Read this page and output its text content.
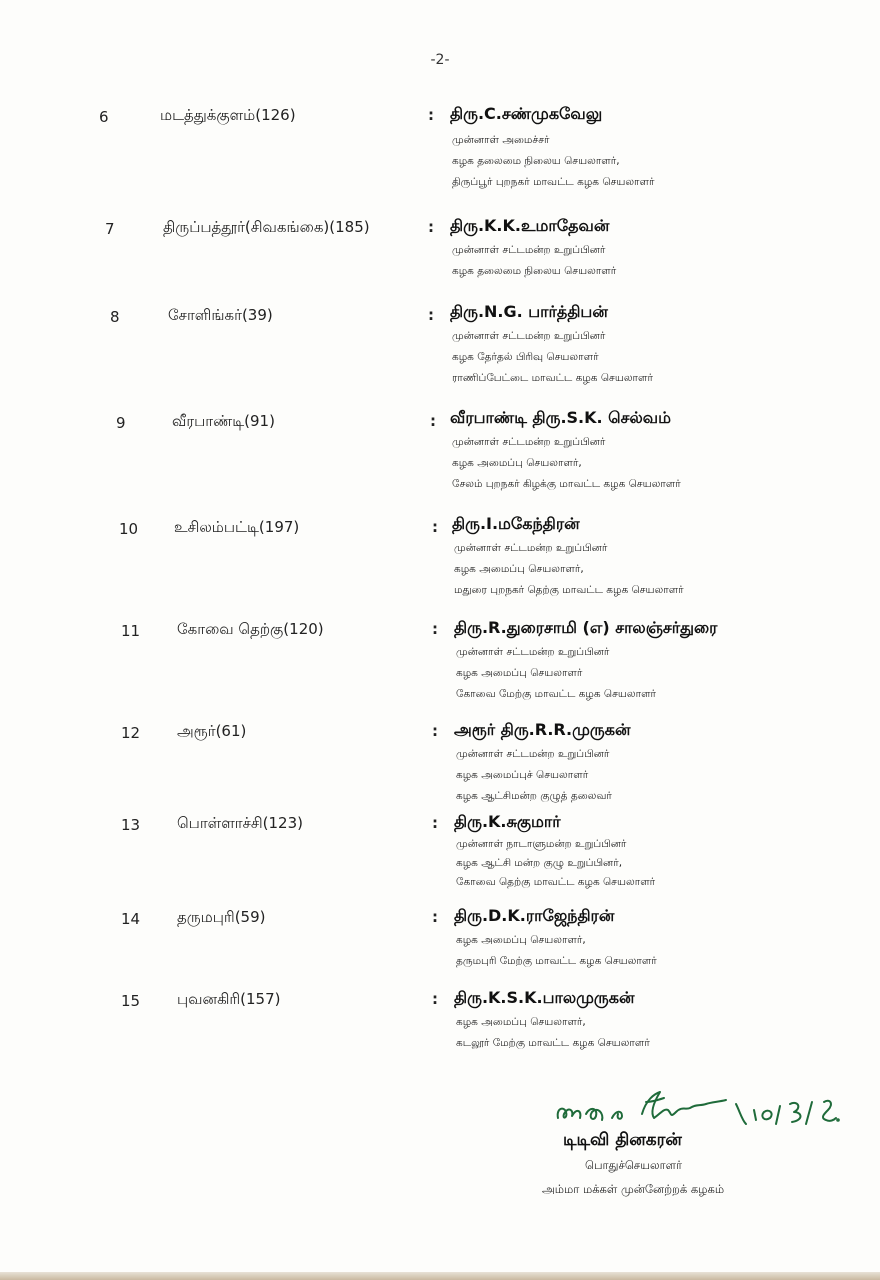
-2-
6	மடத்துக்குளம்(126)	: திரு.C.சண்முகவேலு
முன்னாள் அமைச்சர்
கழக தலைமை நிலைய செயலாளர்,
திருப்பூர் புறநகர் மாவட்ட கழக செயலாளர்
7	திருப்பத்தூர்(சிவகங்கை)(185)	: திரு.K.K.உமாதேவன்
முன்னாள் சட்டமன்ற உறுப்பினர்
கழக தலைமை நிலைய செயலாளர்
8	சோளிங்கர்(39)	: திரு.N.G. பார்த்திபன்
முன்னாள் சட்டமன்ற உறுப்பினர்
கழக தேர்தல் பிரிவு செயலாளர்
ராணிப்பேட்டை மாவட்ட கழக செயலாளர்
9	வீரபாண்டி(91)	: வீரபாண்டி திரு.S.K. செல்வம்
முன்னாள் சட்டமன்ற உறுப்பினர்
கழக அமைப்பு செயலாளர்,
சேலம் புறநகர் கிழக்கு மாவட்ட கழக செயலாளர்
10 உசிலம்பட்டி(197)	: திரு.I.மகேந்திரன்
முன்னாள் சட்டமன்ற உறுப்பினர்
கழக அமைப்பு செயலாளர்,
மதுரை புறநகர் தெற்கு மாவட்ட கழக செயலாளர்
11 கோவை தெற்கு(120)	: திரு.R.துரைசாமி (எ) சாலஞ்சர்துரை
முன்னாள் சட்டமன்ற உறுப்பினர்
கழக அமைப்பு செயலாளர்
கோவை மேற்கு மாவட்ட கழக செயலாளர்
12 அரூர்(61)	: அரூர் திரு.R.R.முருகன்
முன்னாள் சட்டமன்ற உறுப்பினர்
கழக அமைப்புச் செயலாளர்
கழக ஆட்சிமன்ற குழுத் தலைவர்
13 பொள்ளாச்சி(123)	: திரு.K.சுகுமார்
முன்னாள் நாடாளுமன்ற உறுப்பினர்
கழக ஆட்சி மன்ற குழு உறுப்பினர்,
கோவை தெற்கு மாவட்ட கழக செயலாளர்
14 தருமபுரி(59)	: திரு.D.K.ராஜேந்திரன்
கழக அமைப்பு செயலாளர்,
தருமபுரி மேற்கு மாவட்ட கழக செயலாளர்
15 புவனகிரி(157)	: திரு.K.S.K.பாலமுருகன்
கழக அமைப்பு செயலாளர்,
கடலூர் மேற்கு மாவட்ட கழக செயலாளர்
டிடிவி தினகரன்
பொதுச்செயலாளர்
அம்மா மக்கள் முன்னேற்றக் கழகம்
